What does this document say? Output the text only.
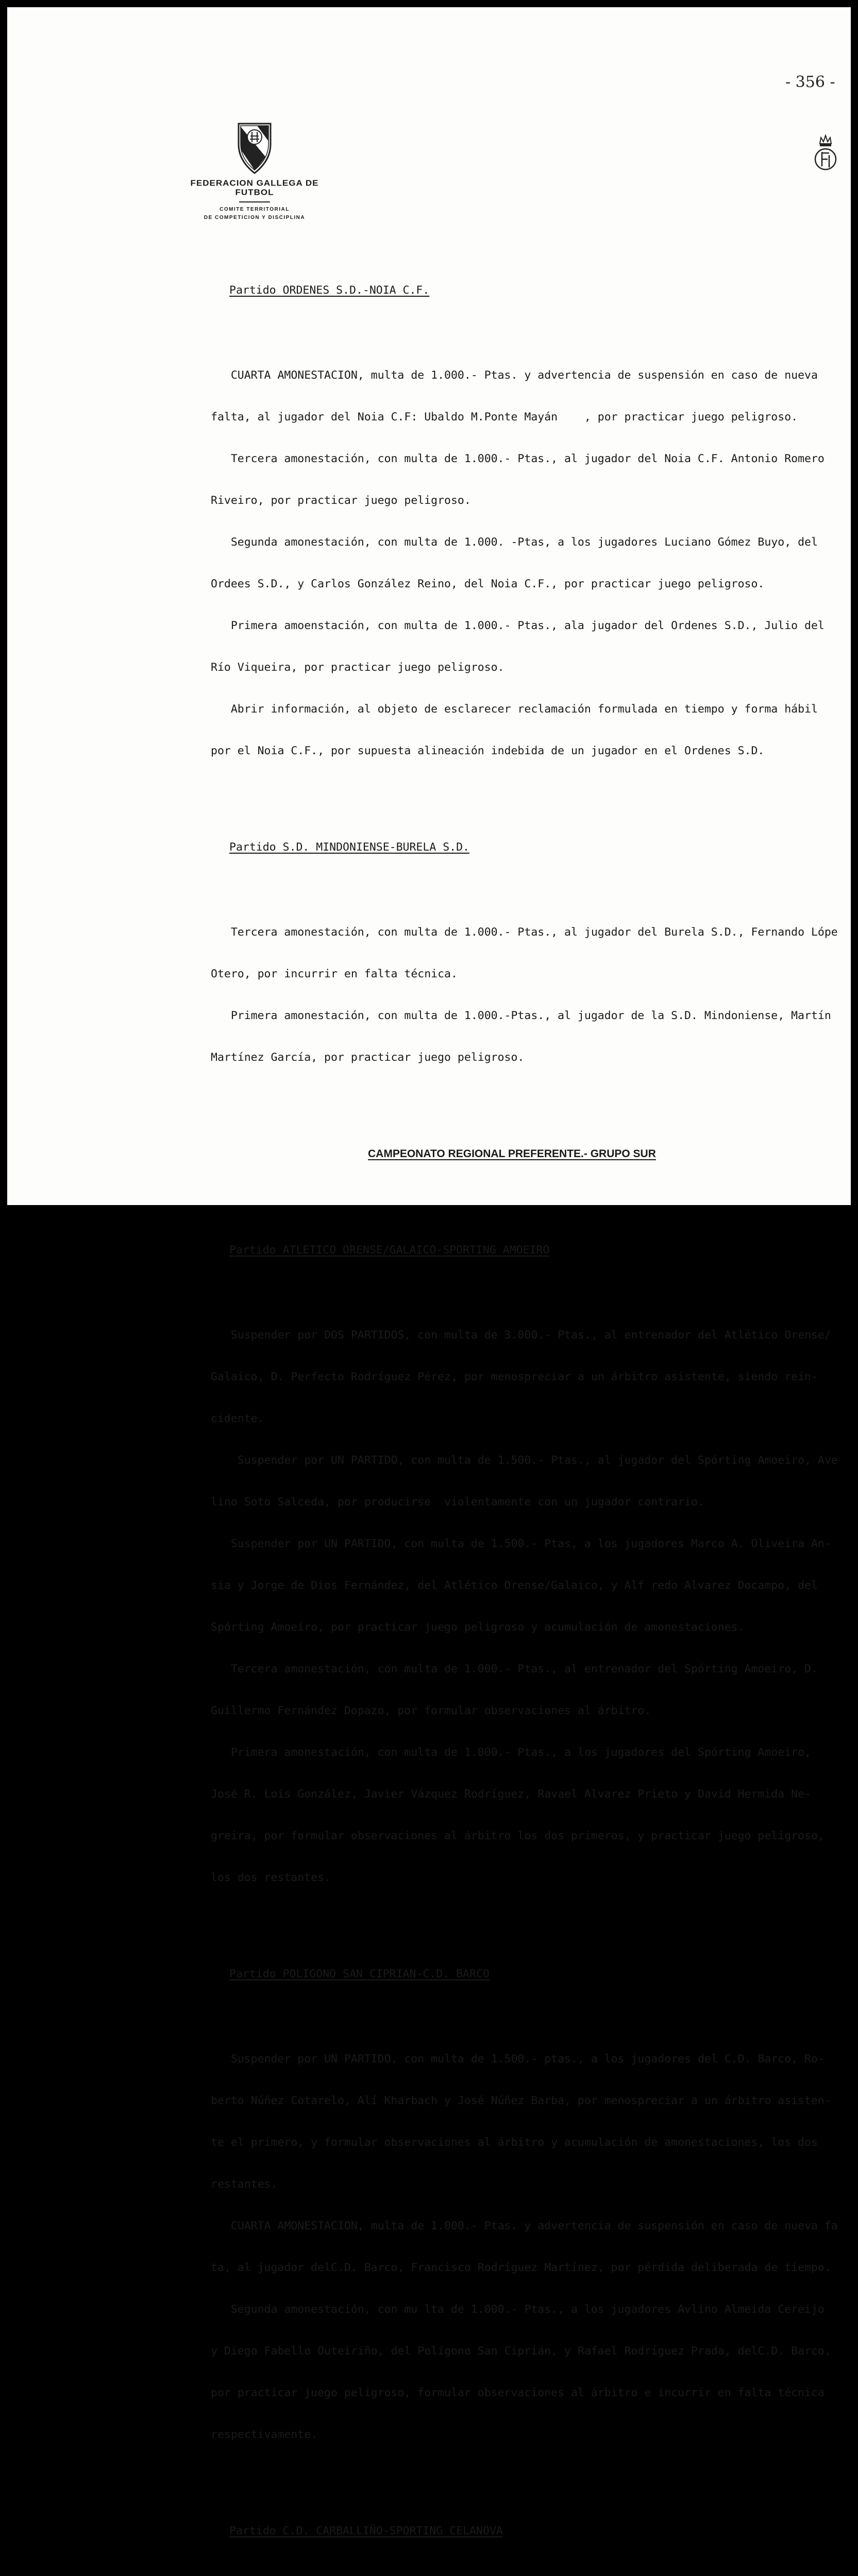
- 356 -
FEDERACION GALLEGA DE FUTBOL
COMITE TERRITORIAL
DE COMPETICION Y DISCIPLINA

Partido ORDENES S.D.-NOIA C.F.

CUARTA AMONESTACION, multa de 1.000.- Ptas. y advertencia de suspensión en caso de nueva

falta, al jugador del Noia C.F: Ubaldo M.Ponte Mayán    , por practicar juego peligroso.

Tercera amonestación, con multa de 1.000.- Ptas., al jugador del Noia C.F. Antonio Romero

Riveiro, por practicar juego peligroso.

Segunda amonestación, con multa de 1.000. -Ptas, a los jugadores Luciano Gómez Buyo, del

Ordees S.D., y Carlos González Reino, del Noia C.F., por practicar juego peligroso.

Primera amoenstación, con multa de 1.000.- Ptas., ala jugador del Ordenes S.D., Julio del

Río Viqueira, por practicar juego peligroso.

Abrir información, al objeto de esclarecer reclamación formulada en tiempo y forma hábil

por el Noia C.F., por supuesta alineación indebida de un jugador en el Ordenes S.D.

Partido S.D. MINDONIENSE-BURELA S.D.

Tercera amonestación, con multa de 1.000.- Ptas., al jugador del Burela S.D., Fernando Lópe

Otero, por incurrir en falta técnica.

Primera amonestación, con multa de 1.000.-Ptas., al jugador de la S.D. Mindoniense, Martín

Martínez García, por practicar juego peligroso.

CAMPEONATO REGIONAL PREFERENTE.- GRUPO SUR

Partido ATLETICO ORENSE/GALAICO-SPORTING AMOEIRO

Suspender por DOS PARTIDOS, con multa de 3.000.- Ptas., al entrenador del Atlético Orense/

Galaico, D. Perfecto Rodríguez Pérez, por menospreciar a un árbitro asistente, siendo rein-

cidente.

Suspender por UN PARTIDO, con multa de 1.500.- Ptas., al jugador del Spórting Amoeiro, Ave

lino Soto Salceda, por producirse  violentamente con un jugador contrario.

Suspender por UN PARTIDO, con multa de 1.500.- Ptas, a los jugadores Marco A. Oliveira An-

sia y Jorge de Dios Fernández, del Atlético Orense/Galaico, y Alf redo Alvarez Docampo, del

Spórting Amoeiro, por practicar juego peligroso y acumulación de amonestaciones.

Tercera amonestación, con multa de 1.000.- Ptas., al entrenador del Spórting Amoeiro, D.

Guillermo Fernández Dopazo, por formular observaciones al árbitro.

Primera amonestación, con multa de 1.000.- Ptas., a los jugadores del Spórting Amoeiro,

José R. Lois González, Javier Vázquez Rodríguez, Ravael Alvarez Prieto y David Hermida Ne-

greira, por formular observaciones al árbitro los dos primeros, y practicar juego peligroso,

los dos restantes.

Partido POLIGONO SAN CIPRIAN-C.D. BARCO

Suspender por UN PARTIDO, con multa de 1.500.- ptas., a los jugadores del C.D. Barco, Ro-

berto Núñez Cotarelo, Alí Kharbach y José Núñez Barba, por menospreciar a un árbitro asisten-

te el primero, y formular observaciones al árbitro y acumulación de amonestaciones, los dos

restantes.

CUARTA AMONESTACION, multa de 1.000.- Ptas. y advertencia de suspensión en caso de nueva fa

ta, al jugador delC.D. Barco, Francisco Rodríguez Martínez, por pérdida deliberada de tiempo.

Segunda amonestación, con mu lta de 1.000.- Ptas., a los jugadores Avlino Almeida Cereijo

y Diego Fabello Outeiriño, del Polígono San Ciprián, y Rafael Rodríguez Prada, delC.D. Barco,

por practicar juego peligroso, formular observaciones al árbitro e incurrir en falta técnica

respectivamente.

Partido C.D. CARBALLIÑO-SPORTING CELANOVA
